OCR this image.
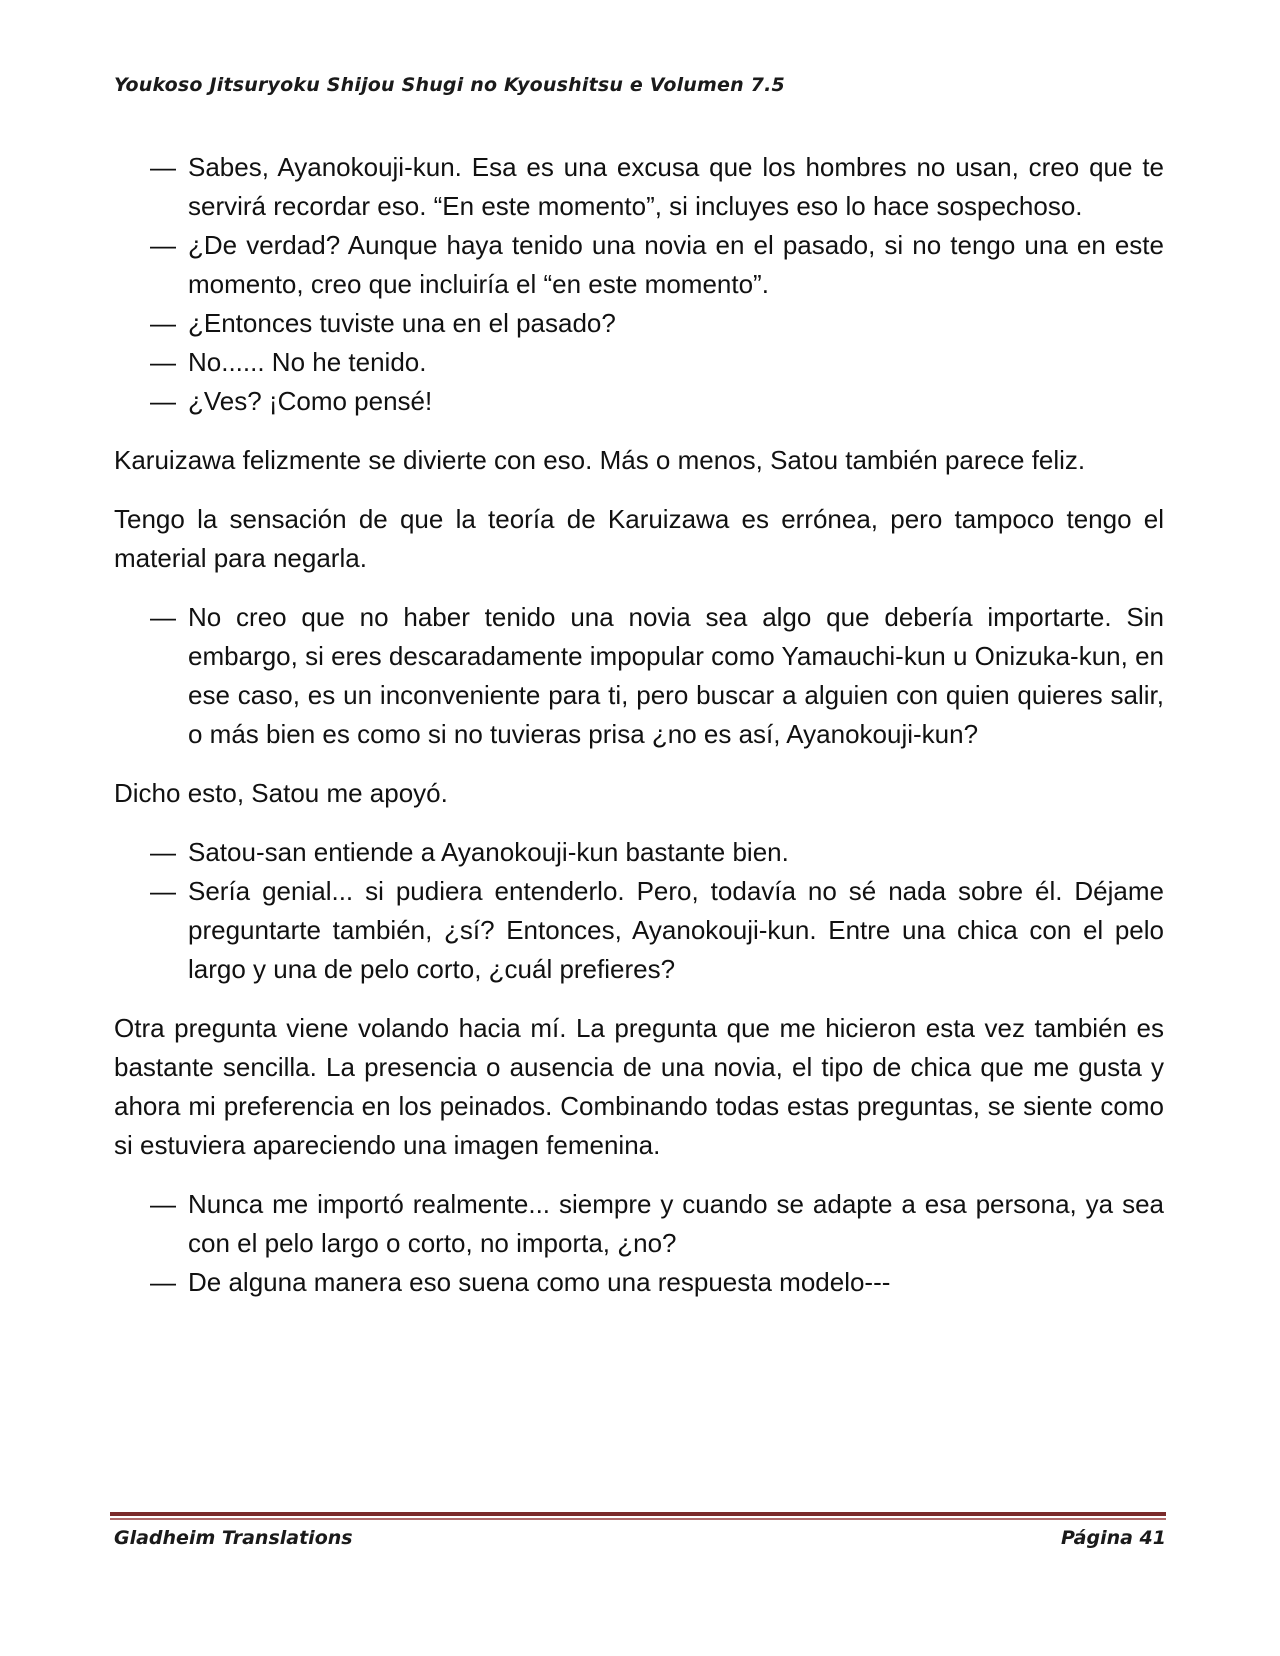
Youkoso Jitsuryoku Shijou Shugi no Kyoushitsu e Volumen 7.5
— Sabes, Ayanokouji-kun. Esa es una excusa que los hombres no usan, creo que te servirá recordar eso. “En este momento”, si incluyes eso lo hace sospechoso.
— ¿De verdad? Aunque haya tenido una novia en el pasado, si no tengo una en este momento, creo que incluiría el “en este momento”.
— ¿Entonces tuviste una en el pasado?
— No...... No he tenido.
— ¿Ves? ¡Como pensé!

Karuizawa felizmente se divierte con eso. Más o menos, Satou también parece feliz.

Tengo la sensación de que la teoría de Karuizawa es errónea, pero tampoco tengo el material para negarla.

— No creo que no haber tenido una novia sea algo que debería importarte. Sin embargo, si eres descaradamente impopular como Yamauchi-kun u Onizuka-kun, en ese caso, es un inconveniente para ti, pero buscar a alguien con quien quieres salir, o más bien es como si no tuvieras prisa ¿no es así, Ayanokouji-kun?

Dicho esto, Satou me apoyó.

— Satou-san entiende a Ayanokouji-kun bastante bien.
— Sería genial... si pudiera entenderlo. Pero, todavía no sé nada sobre él. Déjame preguntarte también, ¿sí? Entonces, Ayanokouji-kun. Entre una chica con el pelo largo y una de pelo corto, ¿cuál prefieres?

Otra pregunta viene volando hacia mí. La pregunta que me hicieron esta vez también es bastante sencilla. La presencia o ausencia de una novia, el tipo de chica que me gusta y ahora mi preferencia en los peinados. Combinando todas estas preguntas, se siente como si estuviera apareciendo una imagen femenina.

— Nunca me importó realmente... siempre y cuando se adapte a esa persona, ya sea con el pelo largo o corto, no importa, ¿no?
— De alguna manera eso suena como una respuesta modelo---
Gladheim Translations	Página 41
